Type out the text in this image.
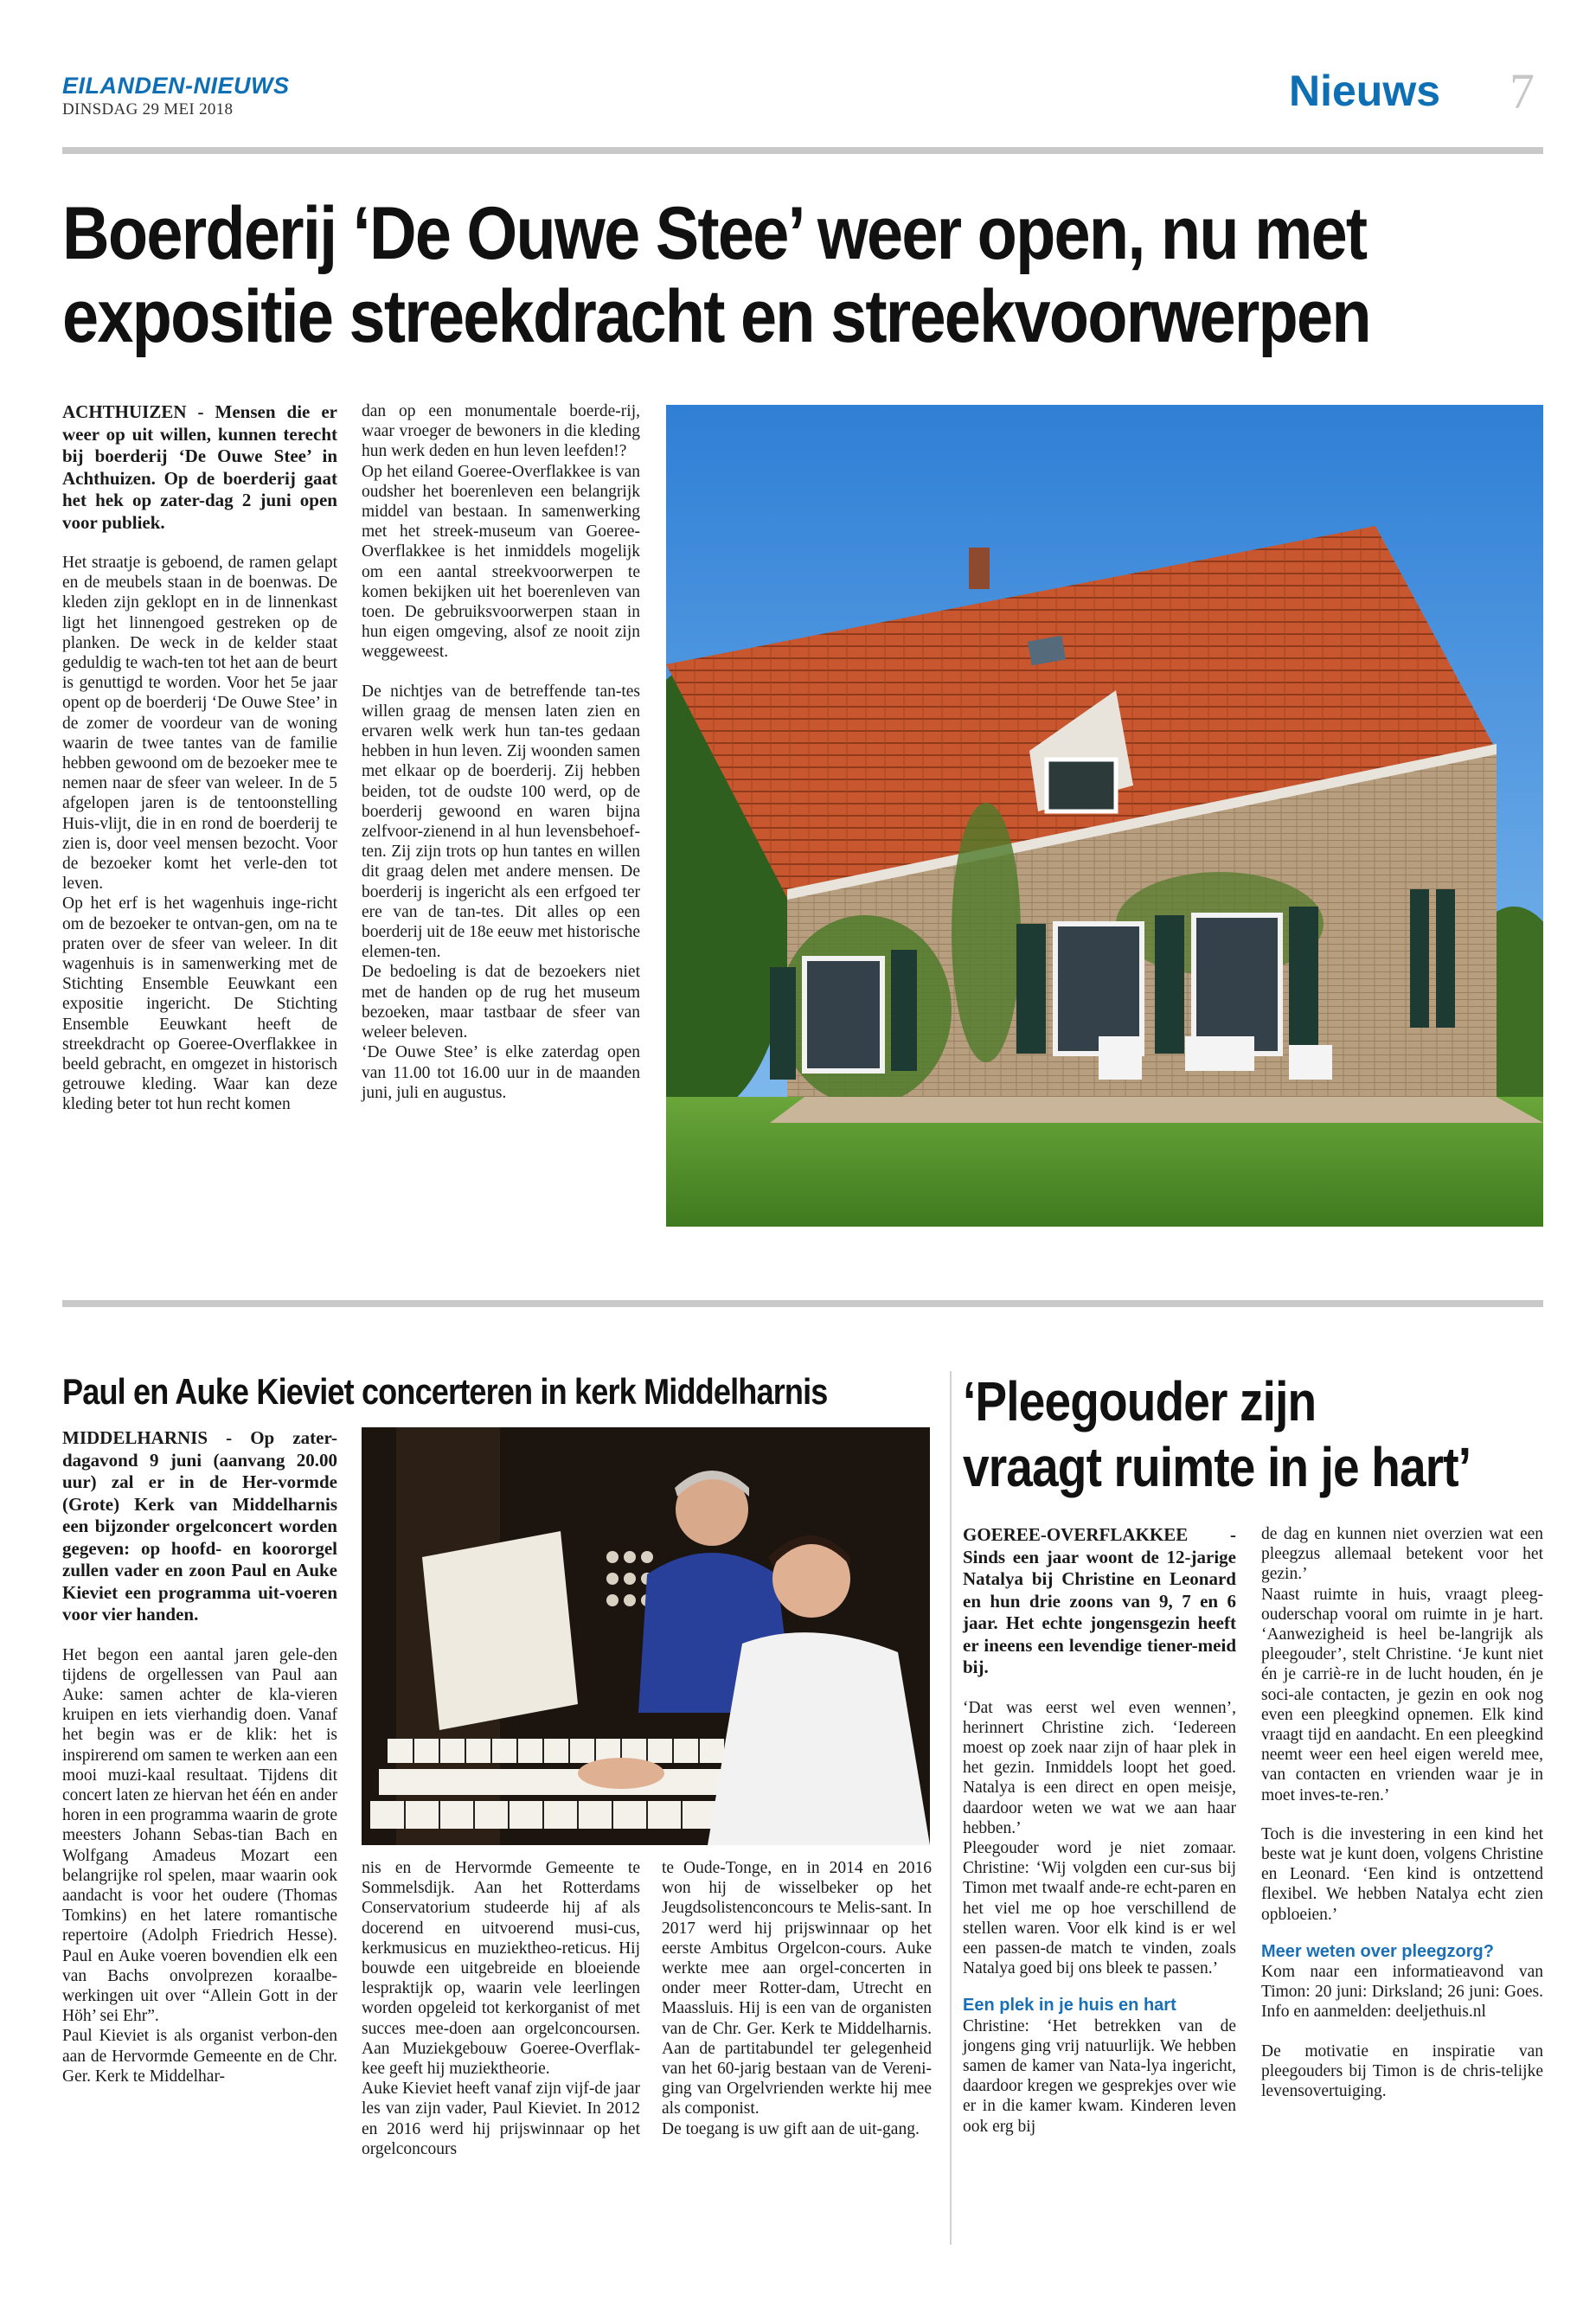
EILANDEN-NIEUWS
DINSDAG 29 MEI 2018	Nieuws 7
Boerderij ‘De Ouwe Stee’ weer open, nu met
expositie streekdracht en streekvoorwerpen

ACHTHUIZEN - Mensen die er weer op uit willen, kunnen terecht bij boerderij ‘De Ouwe Stee’ in Achthuizen. Op de boerderij gaat het hek op zater-dag 2 juni open voor publiek.

Het straatje is geboend, de ramen gelapt en de meubels staan in de boenwas. De kleden zijn geklopt en in de linnenkast ligt het linnengoed gestreken op de planken. De weck in de kelder staat geduldig te wach-ten tot het aan de beurt is genuttigd te worden. Voor het 5e jaar opent op de boerderij ‘De Ouwe Stee’ in de zomer de voordeur van de woning waarin de twee tantes van de familie hebben gewoond om de bezoeker mee te nemen naar de sfeer van weleer. In de 5 afgelopen jaren is de tentoonstelling Huis-vlijt, die in en rond de boerderij te zien is, door veel mensen bezocht. Voor de bezoeker komt het verle-den tot leven.

Op het erf is het wagenhuis inge-richt om de bezoeker te ontvan-gen, om na te praten over de sfeer van weleer. In dit wagenhuis is in samenwerking met de Stichting Ensemble Eeuwkant een expositie ingericht. De Stichting Ensemble Eeuwkant heeft de streekdracht op Goeree-Overflakkee in beeld gebracht, en omgezet in historisch getrouwe kleding. Waar kan deze kleding beter tot hun recht komen

dan op een monumentale boerde-rij, waar vroeger de bewoners in die kleding hun werk deden en hun leven leefden!?

Op het eiland Goeree-Overflakkee is van oudsher het boerenleven een belangrijk middel van bestaan. In samenwerking met het streek-museum van Goeree-Overflakkee is het inmiddels mogelijk om een aantal streekvoorwerpen te komen bekijken uit het boerenleven van toen. De gebruiksvoorwerpen staan in hun eigen omgeving, alsof ze nooit zijn weggeweest.

De nichtjes van de betreffende tan-tes willen graag de mensen laten zien en ervaren welk werk hun tan-tes gedaan hebben in hun leven. Zij woonden samen met elkaar op de boerderij. Zij hebben beiden, tot de oudste 100 werd, op de boerderij gewoond en waren bijna zelfvoor-zienend in al hun levensbehoef-ten. Zij zijn trots op hun tantes en willen dit graag delen met andere mensen. De boerderij is ingericht als een erfgoed ter ere van de tan-tes. Dit alles op een boerderij uit de 18e eeuw met historische elemen-ten.

De bedoeling is dat de bezoekers niet met de handen op de rug het museum bezoeken, maar tastbaar de sfeer van weleer beleven.

‘De Ouwe Stee’ is elke zaterdag open van 11.00 tot 16.00 uur in de maanden juni, juli en augustus.

Paul en Auke Kieviet concerteren in kerk Middelharnis

MIDDELHARNIS - Op zater-dagavond 9 juni (aanvang 20.00 uur) zal er in de Her-vormde (Grote) Kerk van Middelharnis een bijzonder orgelconcert worden gegeven: op hoofd- en koororgel zullen vader en zoon Paul en Auke Kieviet een programma uit-voeren voor vier handen.

Het begon een aantal jaren gele-den tijdens de orgellessen van Paul aan Auke: samen achter de kla-vieren kruipen en iets vierhandig doen. Vanaf het begin was er de klik: het is inspirerend om samen te werken aan een mooi muzi-kaal resultaat. Tijdens dit concert laten ze hiervan het één en ander horen in een programma waarin de grote meesters Johann Sebas-tian Bach en Wolfgang Amadeus Mozart een belangrijke rol spelen, maar waarin ook aandacht is voor het oudere (Thomas Tomkins) en het latere romantische repertoire (Adolph Friedrich Hesse). Paul en Auke voeren bovendien elk een van Bachs onvolprezen koraalbe-werkingen uit over “Allein Gott in der Höh’ sei Ehr”.

Paul Kieviet is als organist verbon-den aan de Hervormde Gemeente en de Chr. Ger. Kerk te Middelhar-

nis en de Hervormde Gemeente te Sommelsdijk. Aan het Rotterdams Conservatorium studeerde hij af als docerend en uitvoerend musi-cus, kerkmusicus en muziektheo-reticus. Hij bouwde een uitgebreide en bloeiende lespraktijk op, waarin vele leerlingen worden opgeleid tot kerkorganist of met succes mee-doen aan orgelconcoursen. Aan Muziekgebouw Goeree-Overflak-kee geeft hij muziektheorie.

Auke Kieviet heeft vanaf zijn vijf-de jaar les van zijn vader, Paul Kieviet. In 2012 en 2016 werd hij prijswinnaar op het orgelconcours

te Oude-Tonge, en in 2014 en 2016 won hij de wisselbeker op het Jeugdsolistenconcours te Melis-sant. In 2017 werd hij prijswinnaar op het eerste Ambitus Orgelcon-cours. Auke werkte mee aan orgel-concerten in onder meer Rotter-dam, Utrecht en Maassluis. Hij is een van de organisten van de Chr. Ger. Kerk te Middelharnis. Aan de partitabundel ter gelegenheid van het 60-jarig bestaan van de Vereni-ging van Orgelvrienden werkte hij mee als componist.

De toegang is uw gift aan de uit-gang.

‘Pleegouder zijn
vraagt ruimte in je hart’

GOEREE-OVERFLAKKEE - Sinds een jaar woont de 12-jarige Natalya bij Christine en Leonard en hun drie zoons van 9, 7 en 6 jaar. Het echte jongensgezin heeft er ineens een levendige tiener-meid bij.

‘Dat was eerst wel even wennen’, herinnert Christine zich. ‘Iedereen moest op zoek naar zijn of haar plek in het gezin. Inmiddels loopt het goed. Natalya is een direct en open meisje, daardoor weten we wat we aan haar hebben.’

Pleegouder word je niet zomaar. Christine: ‘Wij volgden een cur-sus bij Timon met twaalf ande-re echt-paren en het viel me op hoe verschillend de stellen waren. Voor elk kind is er wel een passen-de match te vinden, zoals Natalya goed bij ons bleek te passen.’

Een plek in je huis en hart

Christine: ‘Het betrekken van de jongens ging vrij natuurlijk. We hebben samen de kamer van Nata-lya ingericht, daardoor kregen we gesprekjes over wie er in die kamer kwam. Kinderen leven ook erg bij

de dag en kunnen niet overzien wat een pleegzus allemaal betekent voor het gezin.’

Naast ruimte in huis, vraagt pleeg-ouderschap vooral om ruimte in je hart. ‘Aanwezigheid is heel be-langrijk als pleegouder’, stelt Christine. ‘Je kunt niet én je carriè-re in de lucht houden, én je soci-ale contacten, je gezin en ook nog even een pleegkind opnemen. Elk kind vraagt tijd en aandacht. En een pleegkind neemt weer een heel eigen wereld mee, van contacten en vrienden waar je in moet inves-te-ren.’

Toch is die investering in een kind het beste wat je kunt doen, volgens Christine en Leonard. ‘Een kind is ontzettend flexibel. We hebben Natalya echt zien opbloeien.’

Meer weten over pleegzorg?

Kom naar een informatieavond van Timon: 20 juni: Dirksland; 26 juni: Goes. Info en aanmelden: deeljethuis.nl

De motivatie en inspiratie van pleegouders bij Timon is de chris-telijke levensovertuiging.
